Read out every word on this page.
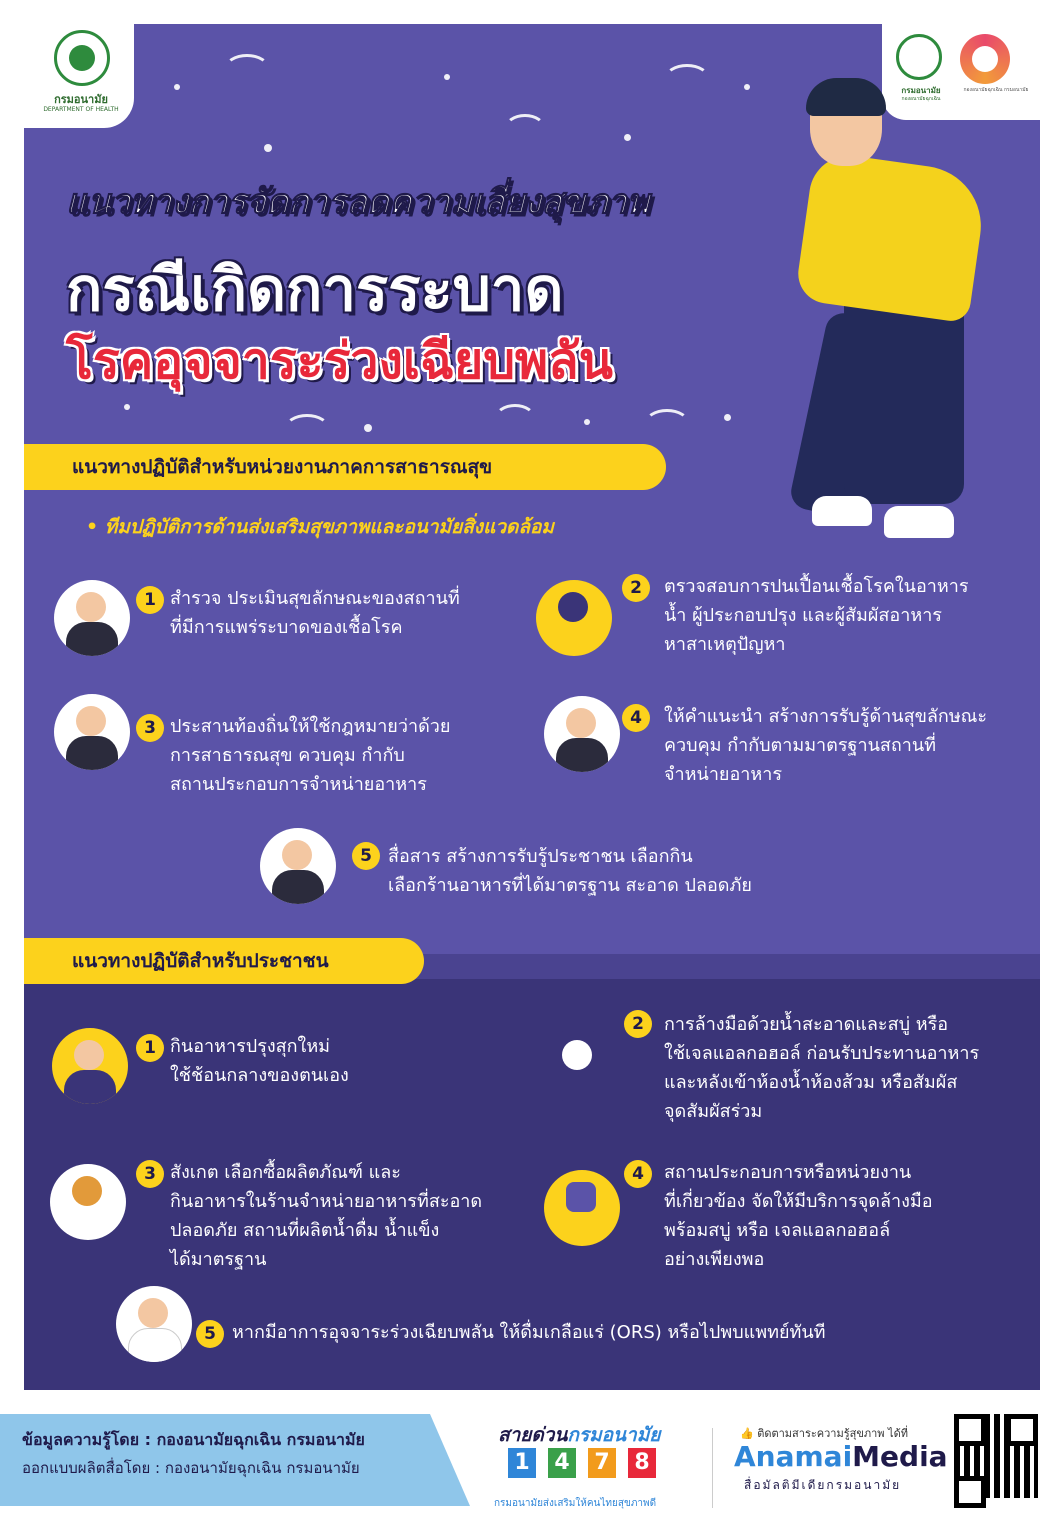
กรมอนามัย
DEPARTMENT OF HEALTH
กรมอนามัย
กองอนามัยฉุกเฉิน
กองอนามัยฉุกเฉิน กรมอนามัย
แนวทางการจัดการลดความเสี่ยงสุขภาพ
กรณีเกิดการระบาด
โรคอุจจาระร่วงเฉียบพลัน
แนวทางปฏิบัติสำหรับหน่วยงานภาคการสาธารณสุข
• ทีมปฏิบัติการด้านส่งเสริมสุขภาพและอนามัยสิ่งแวดล้อม
1 สำรวจ ประเมินสุขลักษณะของสถานที่
ที่มีการแพร่ระบาดของเชื้อโรค
2	ตรวจสอบการปนเปื้อนเชื้อโรคในอาหาร
น้ำ ผู้ประกอบปรุง และผู้สัมผัสอาหาร
หาสาเหตุปัญหา
3 ประสานท้องถิ่นให้ใช้กฎหมายว่าด้วย
การสาธารณสุข ควบคุม กำกับ
สถานประกอบการจำหน่ายอาหาร
4	ให้คำแนะนำ สร้างการรับรู้ด้านสุขลักษณะ
ควบคุม กำกับตามมาตรฐานสถานที่
จำหน่ายอาหาร
5 สื่อสาร สร้างการรับรู้ประชาชน เลือกกิน
เลือกร้านอาหารที่ได้มาตรฐาน สะอาด ปลอดภัย
แนวทางปฏิบัติสำหรับประชาชน
1 กินอาหารปรุงสุกใหม่
ใช้ช้อนกลางของตนเอง
2	การล้างมือด้วยน้ำสะอาดและสบู่ หรือ
ใช้เจลแอลกอฮอล์ ก่อนรับประทานอาหาร
และหลังเข้าห้องน้ำห้องส้วม หรือสัมผัส
จุดสัมผัสร่วม
3 สังเกต เลือกซื้อผลิตภัณฑ์ และ
กินอาหารในร้านจำหน่ายอาหารที่สะอาด
ปลอดภัย สถานที่ผลิตน้ำดื่ม น้ำแข็ง
ได้มาตรฐาน
4	สถานประกอบการหรือหน่วยงาน
ที่เกี่ยวข้อง จัดให้มีบริการจุดล้างมือ
พร้อมสบู่ หรือ เจลแอลกอฮอล์
อย่างเพียงพอ
5 หากมีอาการอุจจาระร่วงเฉียบพลัน ให้ดื่มเกลือแร่ (ORS) หรือไปพบแพทย์ทันที
ข้อมูลความรู้โดย : กองอนามัยฉุกเฉิน กรมอนามัย
ออกแบบผลิตสื่อโดย : กองอนามัยฉุกเฉิน กรมอนามัย
สายด่วนกรมอนามัย
1 4 7 8
กรมอนามัยส่งเสริมให้คนไทยสุขภาพดี
👍 ติดตามสาระความรู้สุขภาพ ได้ที่
AnamaiMedia
สื่อมัลติมีเดียกรมอนามัย
